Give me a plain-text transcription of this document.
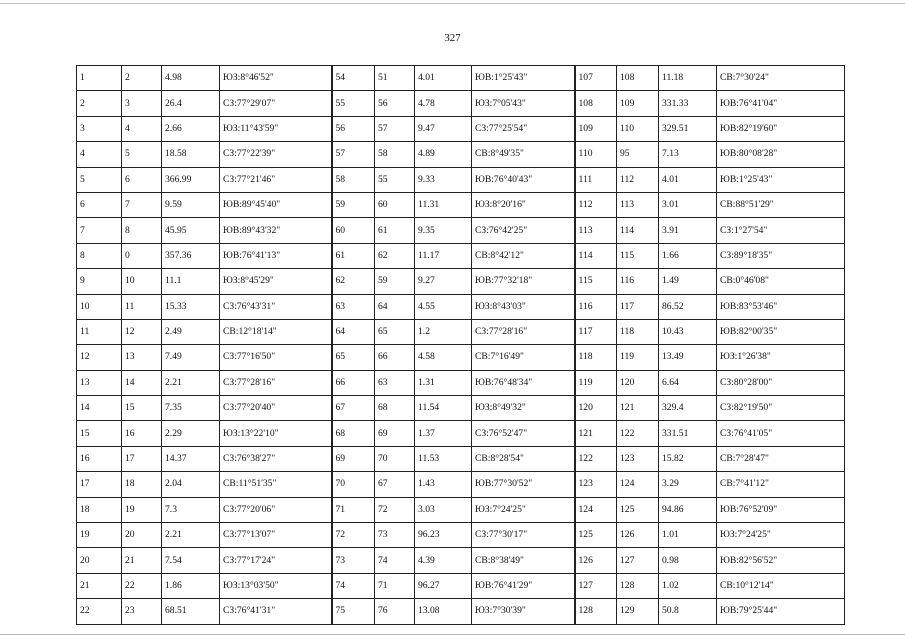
327
1	2	4.98	ЮЗ:8°46'52"	54	51	4.01	ЮВ:1°25'43"	107	108	11.18	СВ:7°30'24"
2	3	26.4	СЗ:77°29'07"	55	56	4.78	ЮЗ:7°05'43"	108	109	331.33	ЮВ:76°41'04"
3	4	2.66	ЮЗ:11°43'59"	56	57	9.47	СЗ:77°25'54"	109	110	329.51	ЮВ:82°19'60"
4	5	18.58	СЗ:77°22'39"	57	58	4.89	СВ:8°49'35"	110	95	7.13	ЮВ:80°08'28"
5	6	366.99	СЗ:77°21'46"	58	55	9.33	ЮВ:76°40'43"	111	112	4.01	ЮВ:1°25'43"
6	7	9.59	ЮВ:89°45'40"	59	60	11.31	ЮЗ:8°20'16"	112	113	3.01	СВ:88°51'29"
7	8	45.95	ЮВ:89°43'32"	60	61	9.35	СЗ:76°42'25"	113	114	3.91	СЗ:1°27'54"
8	0	357.36	ЮВ:76°41'13"	61	62	11.17	СВ:8°42'12"	114	115	1.66	СЗ:89°18'35"
9	10	11.1	ЮЗ:8°45'29"	62	59	9.27	ЮВ:77°32'18"	115	116	1.49	СВ:0°46'08"
10	11	15.33	СЗ:76°43'31"	63	64	4.55	ЮЗ:8°43'03"	116	117	86.52	ЮВ:83°53'46"
11	12	2.49	СВ:12°18'14"	64	65	1.2	СЗ:77°28'16"	117	118	10.43	ЮВ:82°00'35"
12	13	7.49	СЗ:77°16'50"	65	66	4.58	СВ:7°16'49"	118	119	13.49	ЮЗ:1°26'38"
13	14	2.21	СЗ:77°28'16"	66	63	1.31	ЮВ:76°48'34"	119	120	6.64	СЗ:80°28'00"
14	15	7.35	СЗ:77°20'40"	67	68	11.54	ЮЗ:8°49'32"	120	121	329.4	СЗ:82°19'50"
15	16	2.29	ЮЗ:13°22'10"	68	69	1.37	СЗ:76°52'47"	121	122	331.51	СЗ:76°41'05"
16	17	14.37	СЗ:76°38'27"	69	70	11.53	СВ:8°28'54"	122	123	15.82	СВ:7°28'47"
17	18	2.04	СВ:11°51'35"	70	67	1.43	ЮВ:77°30'52"	123	124	3.29	СВ:7°41'12"
18	19	7.3	СЗ:77°20'06"	71	72	3.03	ЮЗ:7°24'25"	124	125	94.86	ЮВ:76°52'09"
19	20	2.21	СЗ:77°13'07"	72	73	96.23	СЗ:77°30'17"	125	126	1.01	ЮЗ:7°24'25"
20	21	7.54	СЗ:77°17'24"	73	74	4.39	СВ:8°38'49"	126	127	0.98	ЮВ:82°56'52"
21	22	1.86	ЮЗ:13°03'50"	74	71	96.27	ЮВ:76°41'29"	127	128	1.02	СВ:10°12'14"
22	23	68.51	СЗ:76°41'31"	75	76	13.08	ЮЗ:7°30'39"	128	129	50.8	ЮВ:79°25'44"
